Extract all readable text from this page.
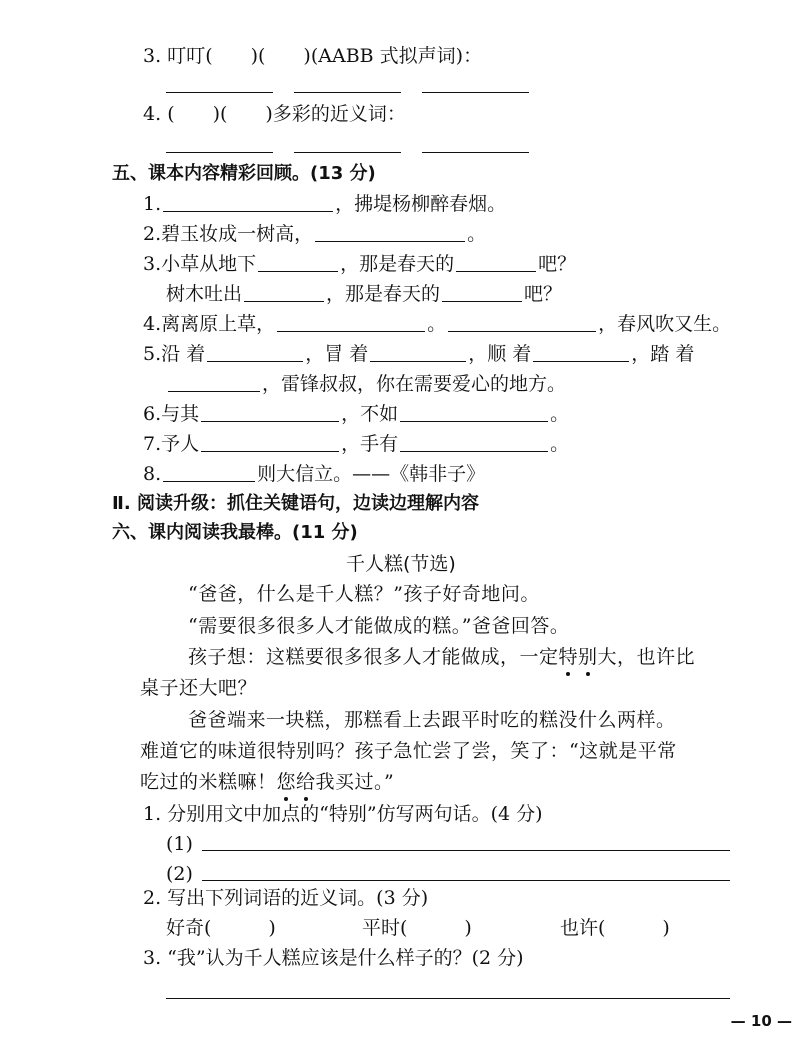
3. 叮叮(　　)(　　)(AABB 式拟声词)：
4. (　　)(　　)多彩的近义词：
五、课本内容精彩回顾。(13 分)
1.	，拂堤杨柳醉春烟。
2.碧玉妆成一树高，	。
3.小草从地下	，那是春天的	吧？
树木吐出	，那是春天的	吧？
4.离离原上草，	。	，春风吹又生。
5.沿 着	，冒 着	，顺 着	，踏 着
，雷锋叔叔，你在需要爱心的地方。
6.与其	，不如	。
7.予人	，手有	。
8.	则大信立。——《韩非子》
Ⅱ. 阅读升级：抓住关键语句，边读边理解内容
六、课内阅读我最棒。(11 分)
千人糕(节选)
“爸爸，什么是千人糕？”孩子好奇地问。
“需要很多很多人才能做成的糕。”爸爸回答。
孩子想：这糕要很多很多人才能做成，一定特别大，也许比
桌子还大吧？
爸爸端来一块糕，那糕看上去跟平时吃的糕没什么两样。
难道它的味道很特别吗？孩子急忙尝了尝，笑了：“这就是平常
吃过的米糕嘛！您给我买过。”
1. 分别用文中加点的“特别”仿写两句话。(4 分)
(1)
(2)
2. 写出下列词语的近义词。(3 分)
好奇(　　　)	平时(　　　)	也许(　　　)
3. “我”认为千人糕应该是什么样子的？(2 分)
— 10 —
